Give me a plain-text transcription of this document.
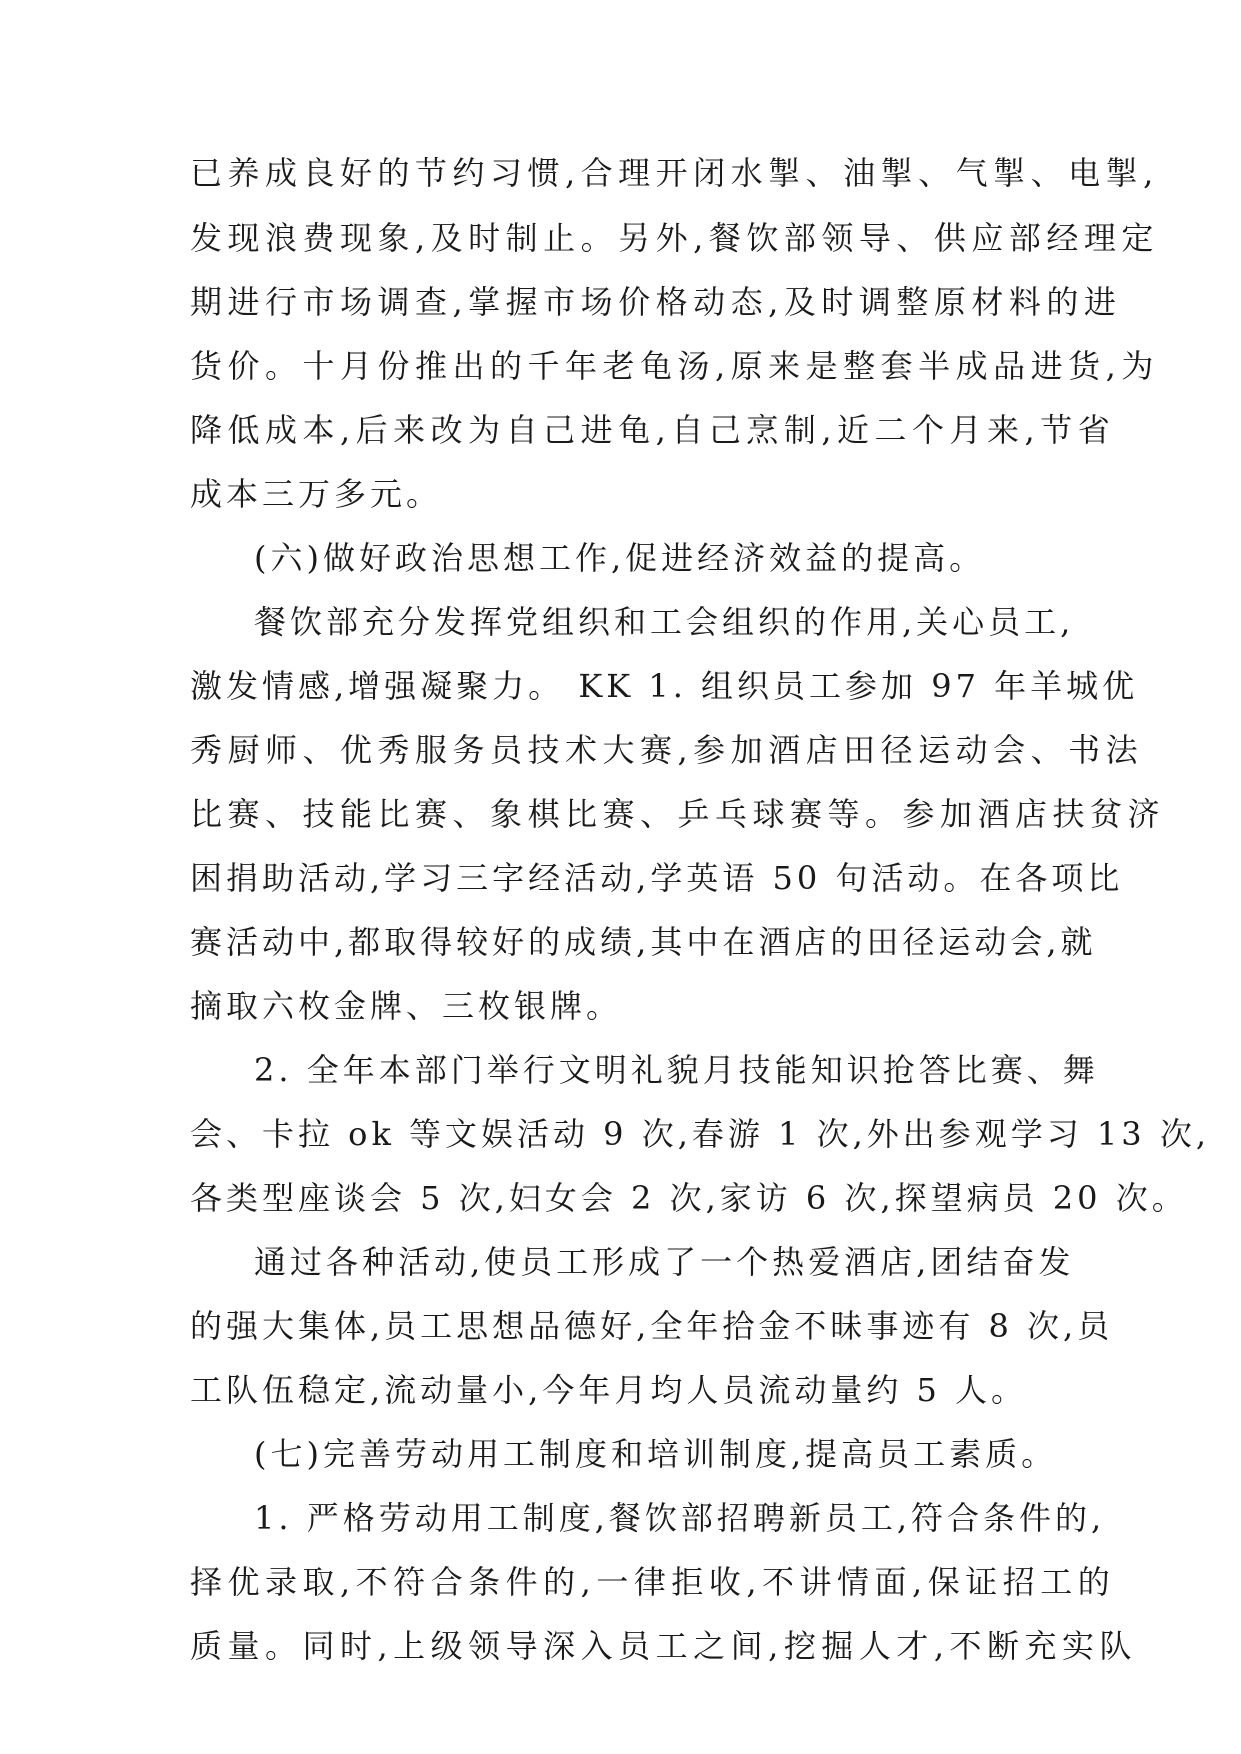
已养成良好的节约习惯,合理开闭水掣、油掣、气掣、电掣,
发现浪费现象,及时制止。另外,餐饮部领导、供应部经理定
期进行市场调查,掌握市场价格动态,及时调整原材料的进
货价。十月份推出的千年老龟汤,原来是整套半成品进货,为
降低成本,后来改为自己进龟,自己烹制,近二个月来,节省
成本三万多元。
(六)做好政治思想工作,促进经济效益的提高。
餐饮部充分发挥党组织和工会组织的作用,关心员工,
激发情感,增强凝聚力。 KK 1. 组织员工参加 97 年羊城优
秀厨师、优秀服务员技术大赛,参加酒店田径运动会、书法
比赛、技能比赛、象棋比赛、乒乓球赛等。参加酒店扶贫济
困捐助活动,学习三字经活动,学英语 50 句活动。在各项比
赛活动中,都取得较好的成绩,其中在酒店的田径运动会,就
摘取六枚金牌、三枚银牌。
2. 全年本部门举行文明礼貌月技能知识抢答比赛、舞
会、卡拉 ok 等文娱活动 9 次,春游 1 次,外出参观学习 13 次,
各类型座谈会 5 次,妇女会 2 次,家访 6 次,探望病员 20 次。
通过各种活动,使员工形成了一个热爱酒店,团结奋发
的强大集体,员工思想品德好,全年拾金不昧事迹有 8 次,员
工队伍稳定,流动量小,今年月均人员流动量约 5 人。
(七)完善劳动用工制度和培训制度,提高员工素质。
1. 严格劳动用工制度,餐饮部招聘新员工,符合条件的,
择优录取,不符合条件的,一律拒收,不讲情面,保证招工的
质量。同时,上级领导深入员工之间,挖掘人才,不断充实队
